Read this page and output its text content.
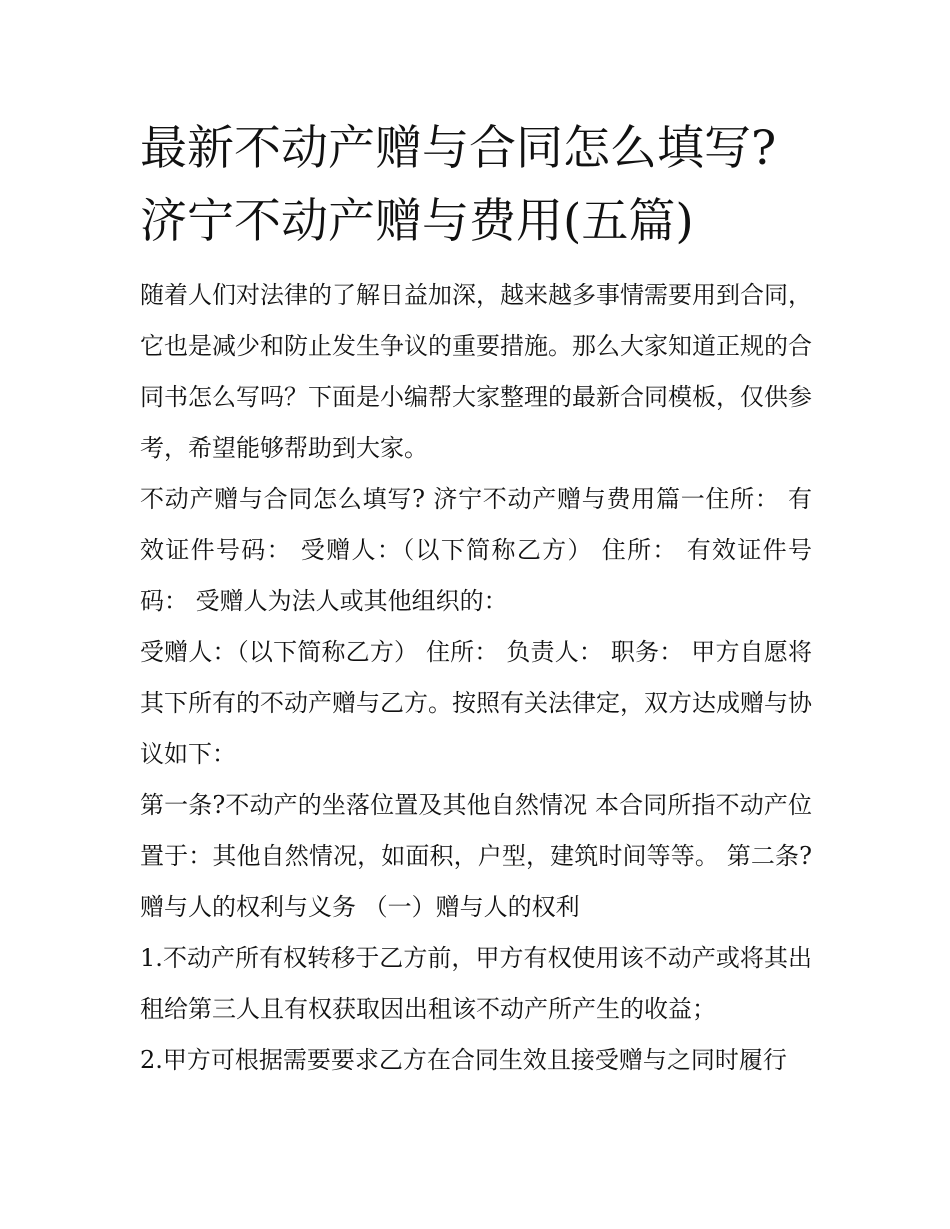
最新不动产赠与合同怎么填写?
济宁不动产赠与费用(五篇)

随着人们对法律的了解日益加深，越来越多事情需要用到合同，它也是减少和防止发生争议的重要措施。那么大家知道正规的合同书怎么写吗？下面是小编帮大家整理的最新合同模板，仅供参考，希望能够帮助到大家。

不动产赠与合同怎么填写? 济宁不动产赠与费用篇一住所： 有效证件号码： 受赠人：（以下简称乙方） 住所： 有效证件号码： 受赠人为法人或其他组织的：

受赠人：（以下简称乙方） 住所： 负责人： 职务： 甲方自愿将其下所有的不动产赠与乙方。按照有关法律定，双方达成赠与协议如下：

第一条?不动产的坐落位置及其他自然情况 本合同所指不动产位置于：其他自然情况，如面积，户型，建筑时间等等。 第二条?赠与人的权利与义务 （一）赠与人的权利

1.不动产所有权转移于乙方前，甲方有权使用该不动产或将其出租给第三人且有权获取因出租该不动产所产生的收益；

2.甲方可根据需要要求乙方在合同生效且接受赠与之同时履行
